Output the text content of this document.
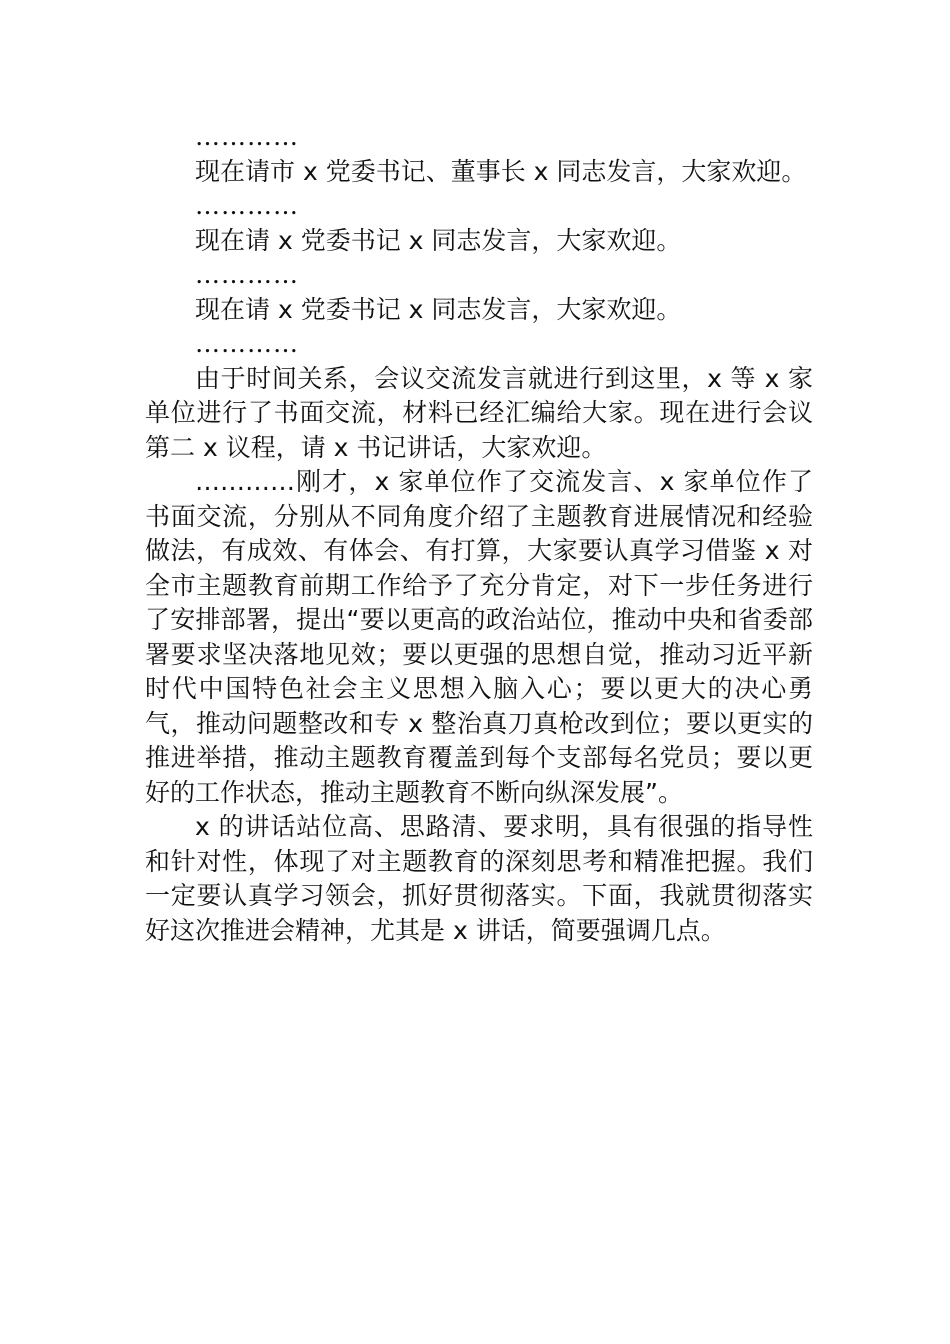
…………

现在请市 x 党委书记、董事长 x 同志发言，大家欢迎。

…………

现在请 x 党委书记 x 同志发言，大家欢迎。

…………

现在请 x 党委书记 x 同志发言，大家欢迎。

…………

由于时间关系，会议交流发言就进行到这里，x 等 x 家单位进行了书面交流，材料已经汇编给大家。现在进行会议第二 x 议程，请 x 书记讲话，大家欢迎。

…………刚才，x 家单位作了交流发言、x 家单位作了书面交流，分别从不同角度介绍了主题教育进展情况和经验做法，有成效、有体会、有打算，大家要认真学习借鉴 x 对全市主题教育前期工作给予了充分肯定，对下一步任务进行了安排部署，提出“要以更高的政治站位，推动中央和省委部署要求坚决落地见效；要以更强的思想自觉，推动习近平新时代中国特色社会主义思想入脑入心；要以更大的决心勇气，推动问题整改和专 x 整治真刀真枪改到位；要以更实的推进举措，推动主题教育覆盖到每个支部每名党员；要以更好的工作状态，推动主题教育不断向纵深发展”。

x 的讲话站位高、思路清、要求明，具有很强的指导性和针对性，体现了对主题教育的深刻思考和精准把握。我们一定要认真学习领会，抓好贯彻落实。下面，我就贯彻落实好这次推进会精神，尤其是 x 讲话，简要强调几点。
